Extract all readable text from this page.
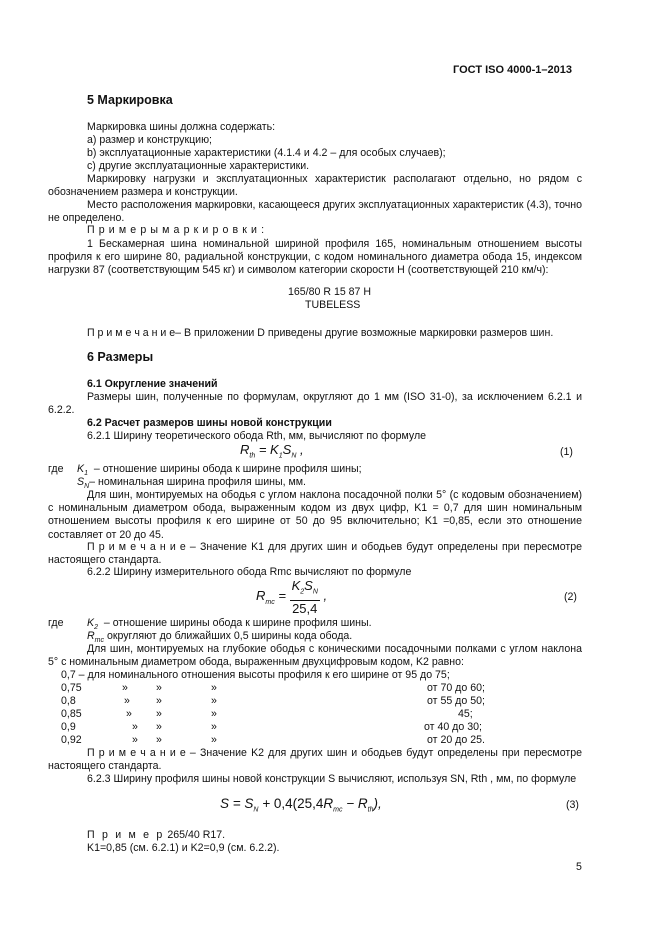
ГОСТ ISO 4000-1–2013
5 Маркировка
Маркировка шины должна содержать:
а) размер и конструкцию;
b) эксплуатационные характеристики (4.1.4 и 4.2 – для особых случаев);
с) другие эксплуатационные характеристики.
Маркировку нагрузки и эксплуатационных характеристик располагают отдельно, но рядом с обозначением размера и конструкции.
Место расположения маркировки, касающееся других эксплуатационных характеристик (4.3), точно не определено.
П р и м е р ы м а р к и р о в к и :
1 Бескамерная шина номинальной шириной профиля 165, номинальным отношением высоты профиля к его ширине 80, радиальной конструкции, с кодом номинального диаметра обода 15, индексом нагрузки 87 (соответствующим 545 кг) и символом категории скорости H (соответствующей 210 км/ч):
165/80 R 15 87 H
TUBELESS
П р и м е ч а н и е– В приложении D приведены другие возможные маркировки размеров шин.
6 Размеры
6.1 Округление значений
Размеры шин, полученные по формулам, округляют до 1 мм (ISO 31-0), за исключением 6.2.1 и 6.2.2.
6.2 Расчет размеров шины новой конструкции
6.2.1 Ширину теоретического обода Rth, мм, вычисляют по формуле
$R_{th} = K_1S_N$ ,	(1)
где $K_1$ – отношение ширины обода к ширине профиля шины;
$S_N-$ номинальная ширина профиля шины, мм.
Для шин, монтируемых на ободья с углом наклона посадочной полки 5° (с кодовым обозначением) с номинальным диаметром обода, выраженным кодом из двух цифр, K1 = 0,7 для шин номинальным отношением высоты профиля к его ширине от 50 до 95 включительно; K1 =0,85, если это отношение составляет от 20 до 45.
П р и м е ч а н и е – Значение K1 для других шин и ободьев будут определены при пересмотре настоящего стандарта.
6.2.2 Ширину измерительного обода Rmc вычисляют по формуле
$R_{mc} = \frac{K_2S_N}{25,4}$ ,	(2)
где $K_2$ – отношение ширины обода к ширине профиля шины.
$R_{mc}$ округляют до ближайших 0,5 ширины кода обода.
Для шин, монтируемых на глубокие ободья с коническими посадочными полками с углом наклона 5° с номинальным диаметром обода, выраженным двухцифровым кодом, K2 равно:
0,7 – для номинального отношения высоты профиля к его ширине от 95 до 75;
0,75	»	»	»	от 70 до 60;
0,8	» »	»	от 55 до 50;
0,85	» »	»	45;
0,9	» »	»	от 40 до 30;
0,92	» »	»	от 20 до 25.
П р и м е ч а н и е – Значение K2 для других шин и ободьев будут определены при пересмотре настоящего стандарта.
6.2.3 Ширину профиля шины новой конструкции S вычисляют, используя SN, Rth , мм, по формуле
$S = S_N + 0,4(25,4R_{mc} - R_{th})$,	(3)
П р и м е р 265/40 R17.
K1=0,85 (см. 6.2.1) и K2=0,9 (см. 6.2.2).
5
